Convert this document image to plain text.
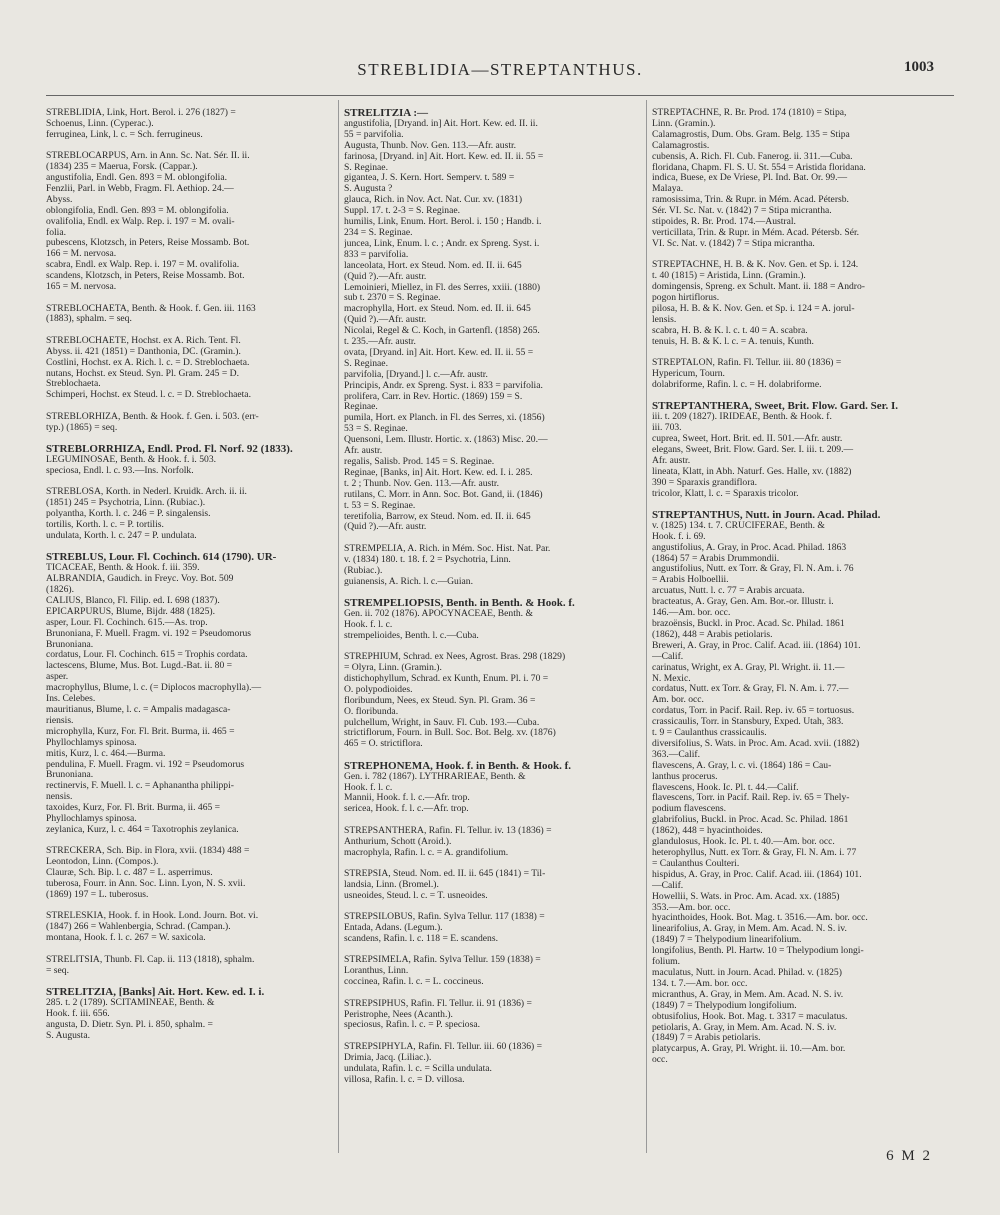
STREBLIDIA—STREPTANTHUS.	1003
STREBLIDIA, Link, Hort. Berol. i. 276 (1827) =
Schoenus, Linn. (Cyperac.).
ferruginea, Link, l. c. = Sch. ferrugineus.
STREBLOCARPUS, Arn. in Ann. Sc. Nat. Sér. II. ii.
(1834) 235 = Maerua, Forsk. (Cappar.).
angustifolia, Endl. Gen. 893 = M. oblongifolia.
Fenzlii, Parl. in Webb, Fragm. Fl. Aethiop. 24.—
Abyss.
oblongifolia, Endl. Gen. 893 = M. oblongifolia.
ovalifolia, Endl. ex Walp. Rep. i. 197 = M. ovali-
folia.
pubescens, Klotzsch, in Peters, Reise Mossamb. Bot.
166 = M. nervosa.
scabra, Endl. ex Walp. Rep. i. 197 = M. ovalifolia.
scandens, Klotzsch, in Peters, Reise Mossamb. Bot.
165 = M. nervosa.
STREBLOCHAETA, Benth. & Hook. f. Gen. iii. 1163
(1883), sphalm. = seq.
STREBLOCHAETE, Hochst. ex A. Rich. Tent. Fl.
Abyss. ii. 421 (1851) = Danthonia, DC. (Gramin.).
Costlini, Hochst. ex A. Rich. l. c. = D. Streblochaeta.
nutans, Hochst. ex Steud. Syn. Pl. Gram. 245 = D.
Streblochaeta.
Schimperi, Hochst. ex Steud. l. c. = D. Streblochaeta.
STREBLORHIZA, Benth. & Hook. f. Gen. i. 503. (err-
typ.) (1865) = seq.
STREBLORRHIZA, Endl. Prod. Fl. Norf. 92 (1833).
LEGUMINOSAE, Benth. & Hook. f. i. 503.
speciosa, Endl. l. c. 93.—Ins. Norfolk.
STREBLOSA, Korth. in Nederl. Kruidk. Arch. ii. ii.
(1851) 245 = Psychotria, Linn. (Rubiac.).
polyantha, Korth. l. c. 246 = P. singalensis.
tortilis, Korth. l. c. = P. tortilis.
undulata, Korth. l. c. 247 = P. undulata.
STREBLUS, Lour. Fl. Cochinch. 614 (1790). UR-
TICACEAE, Benth. & Hook. f. iii. 359.
ALBRANDIA, Gaudich. in Freyc. Voy. Bot. 509
(1826).
CALIUS, Blanco, Fl. Filip. ed. I. 698 (1837).
EPICARPURUS, Blume, Bijdr. 488 (1825).
asper, Lour. Fl. Cochinch. 615.—As. trop.
Brunoniana, F. Muell. Fragm. vi. 192 = Pseudomorus
Brunoniana.
cordatus, Lour. Fl. Cochinch. 615 = Trophis cordata.
lactescens, Blume, Mus. Bot. Lugd.-Bat. ii. 80 =
asper.
macrophyllus, Blume, l. c. (= Diplocos macrophylla).—
Ins. Celebes.
mauritianus, Blume, l. c. = Ampalis madagasca-
riensis.
microphylla, Kurz, For. Fl. Brit. Burma, ii. 465 =
Phyllochlamys spinosa.
mitis, Kurz, l. c. 464.—Burma.
pendulina, F. Muell. Fragm. vi. 192 = Pseudomorus
Brunoniana.
rectinervis, F. Muell. l. c. = Aphanantha philippi-
nensis.
taxoides, Kurz, For. Fl. Brit. Burma, ii. 465 =
Phyllochlamys spinosa.
zeylanica, Kurz, l. c. 464 = Taxotrophis zeylanica.
STRECKERA, Sch. Bip. in Flora, xvii. (1834) 488 =
Leontodon, Linn. (Compos.).
Clauræ, Sch. Bip. l. c. 487 = L. asperrimus.
tuberosa, Fourr. in Ann. Soc. Linn. Lyon, N. S. xvii.
(1869) 197 = L. tuberosus.
STRELESKIA, Hook. f. in Hook. Lond. Journ. Bot. vi.
(1847) 266 = Wahlenbergia, Schrad. (Campan.).
montana, Hook. f. l. c. 267 = W. saxicola.
STRELITSIA, Thunb. Fl. Cap. ii. 113 (1818), sphalm.
= seq.
STRELITZIA, [Banks] Ait. Hort. Kew. ed. I. i.
285. t. 2 (1789). SCITAMINEAE, Benth. &
Hook. f. iii. 656.
angusta, D. Dietr. Syn. Pl. i. 850, sphalm. =
S. Augusta.
STRELITZIA :—
angustifolia, [Dryand. in] Ait. Hort. Kew. ed. II. ii.
55 = parvifolia.
Augusta, Thunb. Nov. Gen. 113.—Afr. austr.
farinosa, [Dryand. in] Ait. Hort. Kew. ed. II. ii. 55 =
S. Reginae.
gigantea, J. S. Kern. Hort. Semperv. t. 589 =
S. Augusta ?
glauca, Rich. in Nov. Act. Nat. Cur. xv. (1831)
Suppl. 17. t. 2-3 = S. Reginae.
humilis, Link, Enum. Hort. Berol. i. 150 ; Handb. i.
234 = S. Reginae.
juncea, Link, Enum. l. c. ; Andr. ex Spreng. Syst. i.
833 = parvifolia.
lanceolata, Hort. ex Steud. Nom. ed. II. ii. 645
(Quid ?).—Afr. austr.
Lemoinieri, Miellez, in Fl. des Serres, xxiii. (1880)
sub t. 2370 = S. Reginae.
macrophylla, Hort. ex Steud. Nom. ed. II. ii. 645
(Quid ?).—Afr. austr.
Nicolai, Regel & C. Koch, in Gartenfl. (1858) 265.
t. 235.—Afr. austr.
ovata, [Dryand. in] Ait. Hort. Kew. ed. II. ii. 55 =
S. Reginae.
parvifolia, [Dryand.] l. c.—Afr. austr.
Principis, Andr. ex Spreng. Syst. i. 833 = parvifolia.
prolifera, Carr. in Rev. Hortic. (1869) 159 = S.
Reginae.
pumila, Hort. ex Planch. in Fl. des Serres, xi. (1856)
53 = S. Reginae.
Quensoni, Lem. Illustr. Hortic. x. (1863) Misc. 20.—
Afr. austr.
regalis, Salisb. Prod. 145 = S. Reginae.
Reginae, [Banks, in] Ait. Hort. Kew. ed. I. i. 285.
t. 2 ; Thunb. Nov. Gen. 113.—Afr. austr.
rutilans, C. Morr. in Ann. Soc. Bot. Gand, ii. (1846)
t. 53 = S. Reginae.
teretifolia, Barrow, ex Steud. Nom. ed. II. ii. 645
(Quid ?).—Afr. austr.
STREMPELIA, A. Rich. in Mém. Soc. Hist. Nat. Par.
v. (1834) 180. t. 18. f. 2 = Psychotria, Linn.
(Rubiac.).
guianensis, A. Rich. l. c.—Guian.
STREMPELIOPSIS, Benth. in Benth. & Hook. f.
Gen. ii. 702 (1876). APOCYNACEAE, Benth. &
Hook. f. l. c.
strempelioides, Benth. l. c.—Cuba.
STREPHIUM, Schrad. ex Nees, Agrost. Bras. 298 (1829)
= Olyra, Linn. (Gramin.).
distichophyllum, Schrad. ex Kunth, Enum. Pl. i. 70 =
O. polypodioides.
floribundum, Nees, ex Steud. Syn. Pl. Gram. 36 =
O. floribunda.
pulchellum, Wright, in Sauv. Fl. Cub. 193.—Cuba.
strictiflorum, Fourn. in Bull. Soc. Bot. Belg. xv. (1876)
465 = O. strictiflora.
STREPHONEMA, Hook. f. in Benth. & Hook. f.
Gen. i. 782 (1867). LYTHRARIEAE, Benth. &
Hook. f. l. c.
Mannii, Hook. f. l. c.—Afr. trop.
sericea, Hook. f. l. c.—Afr. trop.
STREPSANTHERA, Rafin. Fl. Tellur. iv. 13 (1836) =
Anthurium, Schott (Aroid.).
macrophyla, Rafin. l. c. = A. grandifolium.
STREPSIA, Steud. Nom. ed. II. ii. 645 (1841) = Til-
landsia, Linn. (Bromel.).
usneoides, Steud. l. c. = T. usneoides.
STREPSILOBUS, Rafin. Sylva Tellur. 117 (1838) =
Entada, Adans. (Legum.).
scandens, Rafin. l. c. 118 = E. scandens.
STREPSIMELA, Rafin. Sylva Tellur. 159 (1838) =
Loranthus, Linn.
coccinea, Rafin. l. c. = L. coccineus.
STREPSIPHUS, Rafin. Fl. Tellur. ii. 91 (1836) =
Peristrophe, Nees (Acanth.).
speciosus, Rafin. l. c. = P. speciosa.
STREPSIPHYLA, Rafin. Fl. Tellur. iii. 60 (1836) =
Drimia, Jacq. (Liliac.).
undulata, Rafin. l. c. = Scilla undulata.
villosa, Rafin. l. c. = D. villosa.
STREPTACHNE, R. Br. Prod. 174 (1810) = Stipa,
Linn. (Gramin.).
Calamagrostis, Dum. Obs. Gram. Belg. 135 = Stipa
Calamagrostis.
cubensis, A. Rich. Fl. Cub. Fanerog. ii. 311.—Cuba.
floridana, Chapm. Fl. S. U. St. 554 = Aristida floridana.
indica, Buese, ex De Vriese, Pl. Ind. Bat. Or. 99.—
Malaya.
ramosissima, Trin. & Rupr. in Mém. Acad. Pétersb.
Sér. VI. Sc. Nat. v. (1842) 7 = Stipa micrantha.
stipoides, R. Br. Prod. 174.—Austral.
verticillata, Trin. & Rupr. in Mém. Acad. Pétersb. Sér.
VI. Sc. Nat. v. (1842) 7 = Stipa micrantha.
STREPTACHNE, H. B. & K. Nov. Gen. et Sp. i. 124.
t. 40 (1815) = Aristida, Linn. (Gramin.).
domingensis, Spreng. ex Schult. Mant. ii. 188 = Andro-
pogon hirtiflorus.
pilosa, H. B. & K. Nov. Gen. et Sp. i. 124 = A. jorul-
lensis.
scabra, H. B. & K. l. c. t. 40 = A. scabra.
tenuis, H. B. & K. l. c. = A. tenuis, Kunth.
STREPTALON, Rafin. Fl. Tellur. iii. 80 (1836) =
Hypericum, Tourn.
dolabriforme, Rafin. l. c. = H. dolabriforme.
STREPTANTHERA, Sweet, Brit. Flow. Gard. Ser. I.
iii. t. 209 (1827). IRIDEAE, Benth. & Hook. f.
iii. 703.
cuprea, Sweet, Hort. Brit. ed. II. 501.—Afr. austr.
elegans, Sweet, Brit. Flow. Gard. Ser. I. iii. t. 209.—
Afr. austr.
lineata, Klatt, in Abh. Naturf. Ges. Halle, xv. (1882)
390 = Sparaxis grandiflora.
tricolor, Klatt, l. c. = Sparaxis tricolor.
STREPTANTHUS, Nutt. in Journ. Acad. Philad.
v. (1825) 134. t. 7. CRUCIFERAE, Benth. &
Hook. f. i. 69.
angustifolius, A. Gray, in Proc. Acad. Philad. 1863
(1864) 57 = Arabis Drummondii.
angustifolius, Nutt. ex Torr. & Gray, Fl. N. Am. i. 76
= Arabis Holboellii.
arcuatus, Nutt. l. c. 77 = Arabis arcuata.
bracteatus, A. Gray, Gen. Am. Bor.-or. Illustr. i.
146.—Am. bor. occ.
brazoënsis, Buckl. in Proc. Acad. Sc. Philad. 1861
(1862), 448 = Arabis petiolaris.
Breweri, A. Gray, in Proc. Calif. Acad. iii. (1864) 101.
—Calif.
carinatus, Wright, ex A. Gray, Pl. Wright. ii. 11.—
N. Mexic.
cordatus, Nutt. ex Torr. & Gray, Fl. N. Am. i. 77.—
Am. bor. occ.
cordatus, Torr. in Pacif. Rail. Rep. iv. 65 = tortuosus.
crassicaulis, Torr. in Stansbury, Exped. Utah, 383.
t. 9 = Caulanthus crassicaulis.
diversifolius, S. Wats. in Proc. Am. Acad. xvii. (1882)
363.—Calif.
flavescens, A. Gray, l. c. vi. (1864) 186 = Cau-
lanthus procerus.
flavescens, Hook. Ic. Pl. t. 44.—Calif.
flavescens, Torr. in Pacif. Rail. Rep. iv. 65 = Thely-
podium flavescens.
glabrifolius, Buckl. in Proc. Acad. Sc. Philad. 1861
(1862), 448 = hyacinthoides.
glandulosus, Hook. Ic. Pl. t. 40.—Am. bor. occ.
heterophyllus, Nutt. ex Torr. & Gray, Fl. N. Am. i. 77
= Caulanthus Coulteri.
hispidus, A. Gray, in Proc. Calif. Acad. iii. (1864) 101.
—Calif.
Howellii, S. Wats. in Proc. Am. Acad. xx. (1885)
353.—Am. bor. occ.
hyacinthoides, Hook. Bot. Mag. t. 3516.—Am. bor. occ.
linearifolius, A. Gray, in Mem. Am. Acad. N. S. iv.
(1849) 7 = Thelypodium linearifolium.
longifolius, Benth. Pl. Hartw. 10 = Thelypodium longi-
folium.
maculatus, Nutt. in Journ. Acad. Philad. v. (1825)
134. t. 7.—Am. bor. occ.
micranthus, A. Gray, in Mem. Am. Acad. N. S. iv.
(1849) 7 = Thelypodium longifolium.
obtusifolius, Hook. Bot. Mag. t. 3317 = maculatus.
petiolaris, A. Gray, in Mem. Am. Acad. N. S. iv.
(1849) 7 = Arabis petiolaris.
platycarpus, A. Gray, Pl. Wright. ii. 10.—Am. bor.
occ.
6 M 2
